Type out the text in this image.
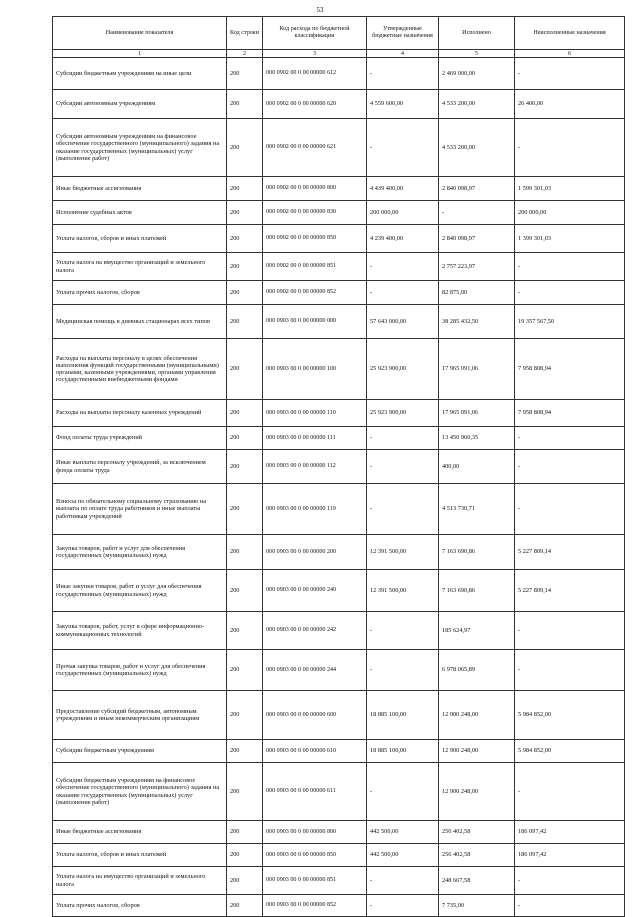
53
Наименование показателя	Код строки	Код расхода по бюджетной классификации	Утвержденные бюджетные назначения	Исполнено	Неисполненные назначения
1	2	3	4	5	6
Субсидии бюджетным учреждениям на иные цели	200	000 0902 00 0 00 00000 612	-	2 469 000,00	-
Субсидии автономным учреждениям	200	000 0902 00 0 00 00000 620	4 559 600,00	4 533 200,00	26 400,00
Субсидии автономным учреждениям на финансовое обеспечение государственного (муниципального) задания на оказание государственных (муниципальных) услуг (выполнение работ)	200	000 0902 00 0 00 00000 621	-	4 533 200,00	-
Иные бюджетные ассигнования	200	000 0902 00 0 00 00000 800	4 439 400,00	2 840 098,97	1 599 301,03
Исполнение судебных актов	200	000 0902 00 0 00 00000 830	200 000,00	-	200 000,00
Уплата налогов, сборов и иных платежей	200	000 0902 00 0 00 00000 850	4 239 400,00	2 840 098,97	1 399 301,03
Уплата налога на имущество организаций и земельного налога	200	000 0902 00 0 00 00000 851	-	2 757 223,97	-
Уплата прочих налогов, сборов	200	000 0902 00 0 00 00000 852	-	82 875,00	-
Медицинская помощь в дневных стационарах всех типов	200	000 0903 00 0 00 00000 000	57 643 000,00	38 285 432,50	19 357 567,50
Расходы на выплаты персоналу в целях обеспечения выполнения функций государственными (муниципальными) органами, казенными учреждениями, органами управления государственными внебюджетными фондами	200	000 0903 00 0 00 00000 100	25 923 900,00	17 965 091,06	7 958 808,94
Расходы на выплаты персоналу казенных учреждений	200	000 0903 00 0 00 00000 110	25 923 900,00	17 965 091,06	7 958 808,94
Фонд оплаты труда учреждений	200	000 0903 00 0 00 00000 111	-	13 450 960,35	-
Иные выплаты персоналу учреждений, за исключением фонда оплаты труда	200	000 0903 00 0 00 00000 112	-	400,00	-
Взносы по обязательному социальному страхованию на выплаты по оплате труда работников и иные выплаты работникам учреждений	200	000 0903 00 0 00 00000 119	-	4 513 730,71	-
Закупка товаров, работ и услуг для обеспечения государственных (муниципальных) нужд	200	000 0903 00 0 00 00000 200	12 391 500,00	7 163 690,86	5 227 809,14
Иные закупки товаров, работ и услуг для обеспечения государственных (муниципальных) нужд	200	000 0903 00 0 00 00000 240	12 391 500,00	7 163 690,86	5 227 809,14
Закупка товаров, работ, услуг в сфере информационно-коммуникационных технологий	200	000 0903 00 0 00 00000 242	-	185 624,97	-
Прочая закупка товаров, работ и услуг для обеспечения государственных (муниципальных) нужд	200	000 0903 00 0 00 00000 244	-	6 978 065,89	-
Предоставление субсидий бюджетным, автономным учреждениям и иным некоммерческим организациям	200	000 0903 00 0 00 00000 600	18 885 100,00	12 900 248,00	5 984 852,00
Субсидии бюджетным учреждениям	200	000 0903 00 0 00 00000 610	18 885 100,00	12 900 248,00	5 984 852,00
Субсидии бюджетным учреждениям на финансовое обеспечение государственного (муниципального) задания на оказание государственных (муниципальных) услуг (выполнение работ)	200	000 0903 00 0 00 00000 611	-	12 900 248,00	-
Иные бюджетные ассигнования	200	000 0903 00 0 00 00000 800	442 500,00	256 402,58	186 097,42
Уплата налогов, сборов и иных платежей	200	000 0903 00 0 00 00000 850	442 500,00	256 402,58	186 097,42
Уплата налога на имущество организаций и земельного налога	200	000 0903 00 0 00 00000 851	-	248 667,58	-
Уплата прочих налогов, сборов	200	000 0903 00 0 00 00000 852	-	7 735,00	-
